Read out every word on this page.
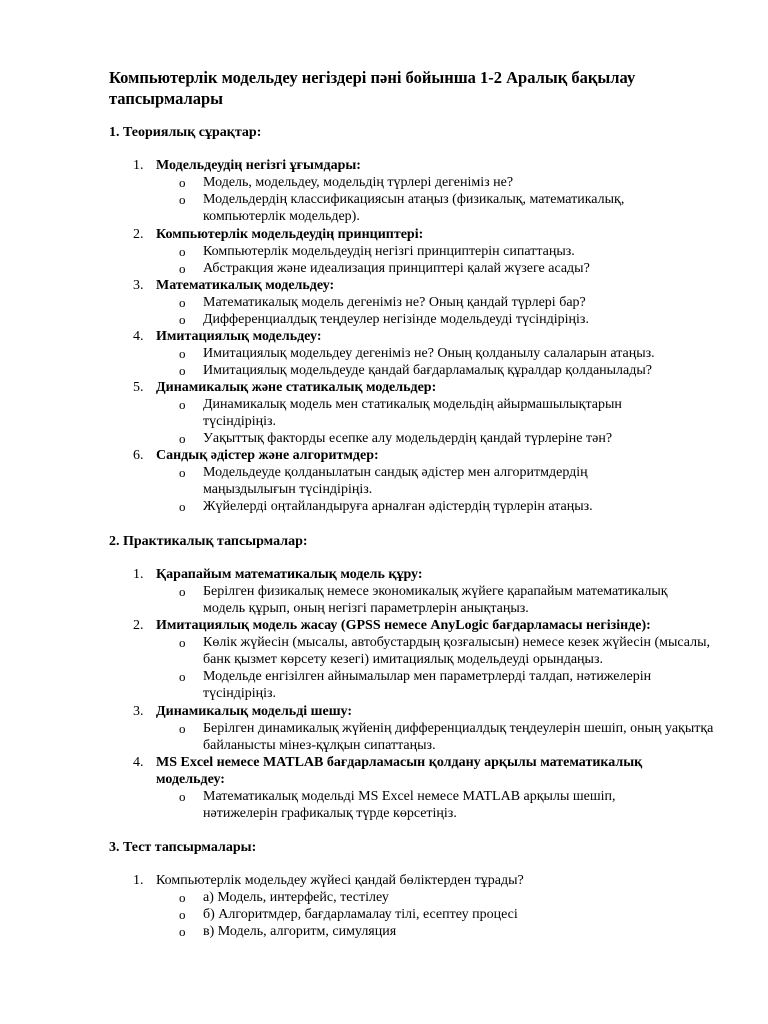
Компьютерлік модельдеу негіздері пәні бойынша 1-2 Аралық бақылау тапсырмалары
1. Теориялық сұрақтар:
1. Модельдеудің негізгі ұғымдары:
o Модель, модельдеу, модельдің түрлері дегеніміз не?
o Модельдердің классификациясын атаңыз (физикалық, математикалық, компьютерлік модельдер).
2. Компьютерлік модельдеудің принциптері:
o Компьютерлік модельдеудің негізгі принциптерін сипаттаңыз.
o Абстракция және идеализация принциптері қалай жүзеге асады?
3. Математикалық модельдеу:
o Математикалық модель дегеніміз не? Оның қандай түрлері бар?
o Дифференциалдық теңдеулер негізінде модельдеуді түсіндіріңіз.
4. Имитациялық модельдеу:
o Имитациялық модельдеу дегеніміз не? Оның қолданылу салаларын атаңыз.
o Имитациялық модельдеуде қандай бағдарламалық құралдар қолданылады?
5. Динамикалық және статикалық модельдер:
o Динамикалық модель мен статикалық модельдің айырмашылықтарын түсіндіріңіз.
o Уақыттық факторды есепке алу модельдердің қандай түрлеріне тән?
6. Сандық әдістер және алгоритмдер:
o Модельдеуде қолданылатын сандық әдістер мен алгоритмдердің маңыздылығын түсіндіріңіз.
o Жүйелерді оңтайландыруға арналған әдістердің түрлерін атаңыз.
2. Практикалық тапсырмалар:
1. Қарапайым математикалық модель құру:
o Берілген физикалық немесе экономикалық жүйеге қарапайым математикалық модель құрып, оның негізгі параметрлерін анықтаңыз.
2. Имитациялық модель жасау (GPSS немесе AnyLogic бағдарламасы негізінде):
o Көлік жүйесін (мысалы, автобустардың қозғалысын) немесе кезек жүйесін (мысалы, банк қызмет көрсету кезегі) имитациялық модельдеуді орындаңыз.
o Модельде енгізілген айнымалылар мен параметрлерді талдап, нәтижелерін түсіндіріңіз.
3. Динамикалық модельді шешу:
o Берілген динамикалық жүйенің дифференциалдық теңдеулерін шешіп, оның уақытқа байланысты мінез-құлқын сипаттаңыз.
4. MS Excel немесе MATLAB бағдарламасын қолдану арқылы математикалық модельдеу:
o Математикалық модельді MS Excel немесе MATLAB арқылы шешіп, нәтижелерін графикалық түрде көрсетіңіз.
3. Тест тапсырмалары:
1. Компьютерлік модельдеу жүйесі қандай бөліктерден тұрады?
o а) Модель, интерфейс, тестілеу
o б) Алгоритмдер, бағдарламалау тілі, есептеу процесі
o в) Модель, алгоритм, симуляция
